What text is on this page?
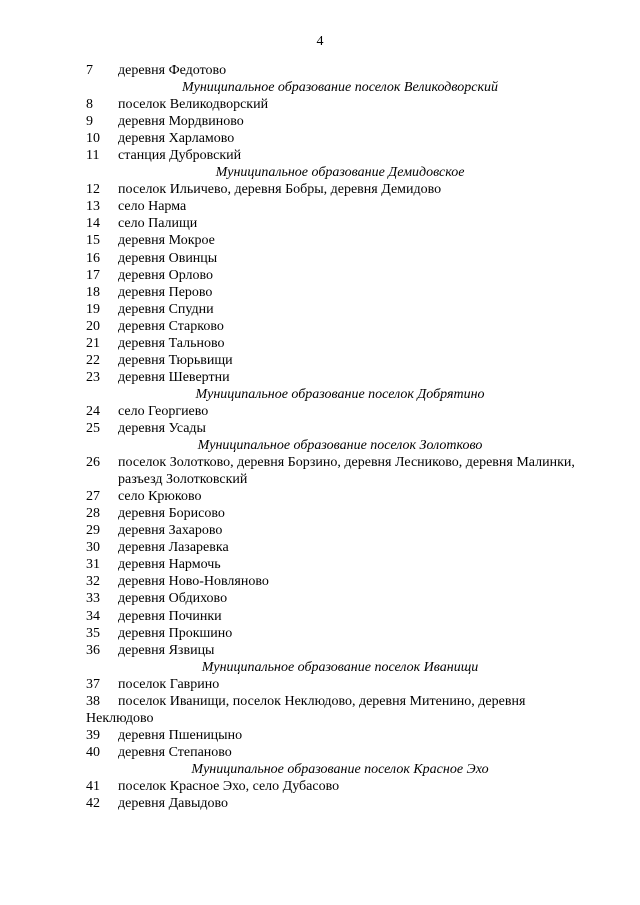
4
7	деревня Федотово
Муниципальное образование поселок Великодворский
8	поселок Великодворский
9	деревня Мордвиново
10	деревня Харламово
11	станция Дубровский
Муниципальное образование Демидовское
12	поселок Ильичево, деревня Бобры, деревня Демидово
13	село Нарма
14	село Палищи
15	деревня Мокрое
16	деревня Овинцы
17	деревня Орлово
18	деревня Перово
19	деревня Спудни
20	деревня Старково
21	деревня Тальново
22	деревня Тюрьвищи
23	деревня Шевертни
Муниципальное образование поселок Добрятино
24	село Георгиево
25	деревня Усады
Муниципальное образование поселок Золотково
26	поселок Золотково, деревня Борзино, деревня Лесниково, деревня Малинки,
разъезд Золотковский
27	село Крюково
28	деревня Борисово
29	деревня Захарово
30	деревня Лазаревка
31	деревня Нармочь
32	деревня Ново-Новляново
33	деревня Обдихово
34	деревня Починки
35	деревня Прокшино
36	деревня Язвицы
Муниципальное образование поселок Иванищи
37	поселок Гаврино
38	поселок Иванищи, поселок Неклюдово, деревня Митенино, деревня
Неклюдово
39	деревня Пшеницыно
40	деревня Степаново
Муниципальное образование поселок Красное Эхо
41	поселок Красное Эхо, село Дубасово
42	деревня Давыдово
